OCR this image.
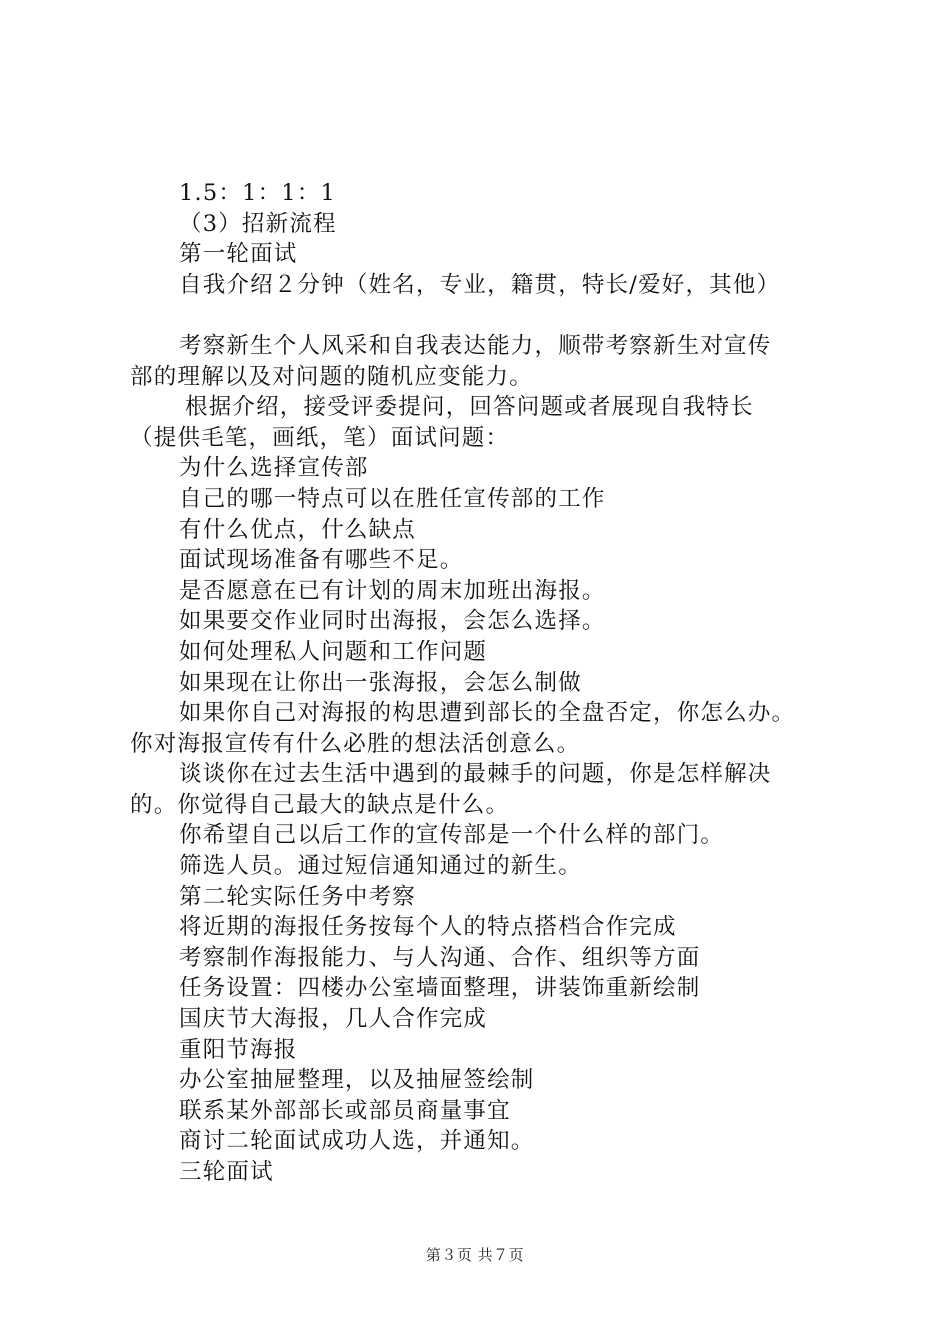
1.5：1：1：1
（3）招新流程
第一轮面试
自我介绍２分钟（姓名，专业，籍贯，特长/爱好，其他）
考察新生个人风采和自我表达能力，顺带考察新生对宣传
部的理解以及对问题的随机应变能力。
根据介绍，接受评委提问，回答问题或者展现自我特长
（提供毛笔，画纸，笔）面试问题：
为什么选择宣传部
自己的哪一特点可以在胜任宣传部的工作
有什么优点，什么缺点
面试现场准备有哪些不足。
是否愿意在已有计划的周末加班出海报。
如果要交作业同时出海报，会怎么选择。
如何处理私人问题和工作问题
如果现在让你出一张海报，会怎么制做
如果你自己对海报的构思遭到部长的全盘否定，你怎么办。
你对海报宣传有什么必胜的想法活创意么。
谈谈你在过去生活中遇到的最棘手的问题，你是怎样解决
的。你觉得自己最大的缺点是什么。
你希望自己以后工作的宣传部是一个什么样的部门。
筛选人员。通过短信通知通过的新生。
第二轮实际任务中考察
将近期的海报任务按每个人的特点搭档合作完成
考察制作海报能力、与人沟通、合作、组织等方面
任务设置：四楼办公室墙面整理，讲装饰重新绘制
国庆节大海报，几人合作完成
重阳节海报
办公室抽屉整理，以及抽屉签绘制
联系某外部部长或部员商量事宜
商讨二轮面试成功人选，并通知。
三轮面试
第３页 共７页
